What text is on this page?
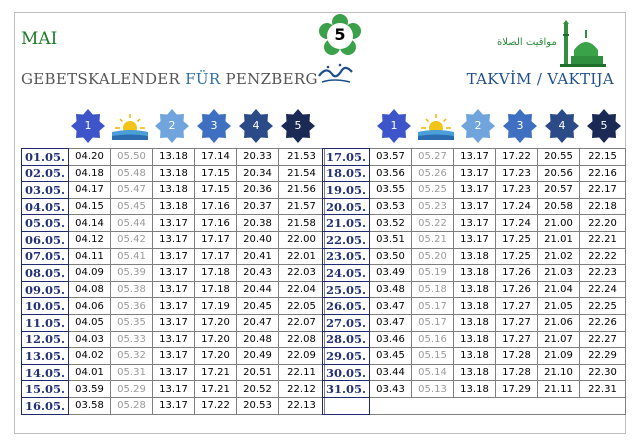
MAI
GEBETSKALENDER FÜR PENZBERG	TAKVİM / VAKTIJA
مواقيت الصلاة
5
1	2	3	4	5	1	2	3	4	5
01.05.	04.20	05.50	13.18	17.14	20.33	21.53
02.05.	04.18	05.48	13.18	17.15	20.34	21.54
03.05.	04.17	05.47	13.18	17.15	20.36	21.56
04.05.	04.15	05.45	13.18	17.16	20.37	21.57
05.05.	04.14	05.44	13.17	17.16	20.38	21.58
06.05.	04.12	05.42	13.17	17.17	20.40	22.00
07.05.	04.11	05.41	13.17	17.17	20.41	22.01
08.05.	04.09	05.39	13.17	17.18	20.43	22.03
09.05.	04.08	05.38	13.17	17.18	20.44	22.04
10.05.	04.06	05.36	13.17	17.19	20.45	22.05
11.05.	04.05	05.35	13.17	17.20	20.47	22.07
12.05.	04.03	05.33	13.17	17.20	20.48	22.08
13.05.	04.02	05.32	13.17	17.20	20.49	22.09
14.05.	04.01	05.31	13.17	17.21	20.51	22.11
15.05.	03.59	05.29	13.17	17.21	20.52	22.12
16.05.	03.58	05.28	13.17	17.22	20.53	22.13
17.05.	03.57	05.27	13.17	17.22	20.55	22.15
18.05.	03.56	05.26	13.17	17.23	20.56	22.16
19.05.	03.55	05.25	13.17	17.23	20.57	22.17
20.05.	03.53	05.23	13.17	17.24	20.58	22.18
21.05.	03.52	05.22	13.17	17.24	21.00	22.20
22.05.	03.51	05.21	13.17	17.25	21.01	22.21
23.05.	03.50	05.20	13.18	17.25	21.02	22.22
24.05.	03.49	05.19	13.18	17.26	21.03	22.23
25.05.	03.48	05.18	13.18	17.26	21.04	22.24
26.05.	03.47	05.17	13.18	17.27	21.05	22.25
27.05.	03.47	05.17	13.18	17.27	21.06	22.26
28.05.	03.46	05.16	13.18	17.27	21.07	22.27
29.05.	03.45	05.15	13.18	17.28	21.09	22.29
30.05.	03.44	05.14	13.18	17.28	21.10	22.30
31.05.	03.43	05.13	13.18	17.29	21.11	22.31
